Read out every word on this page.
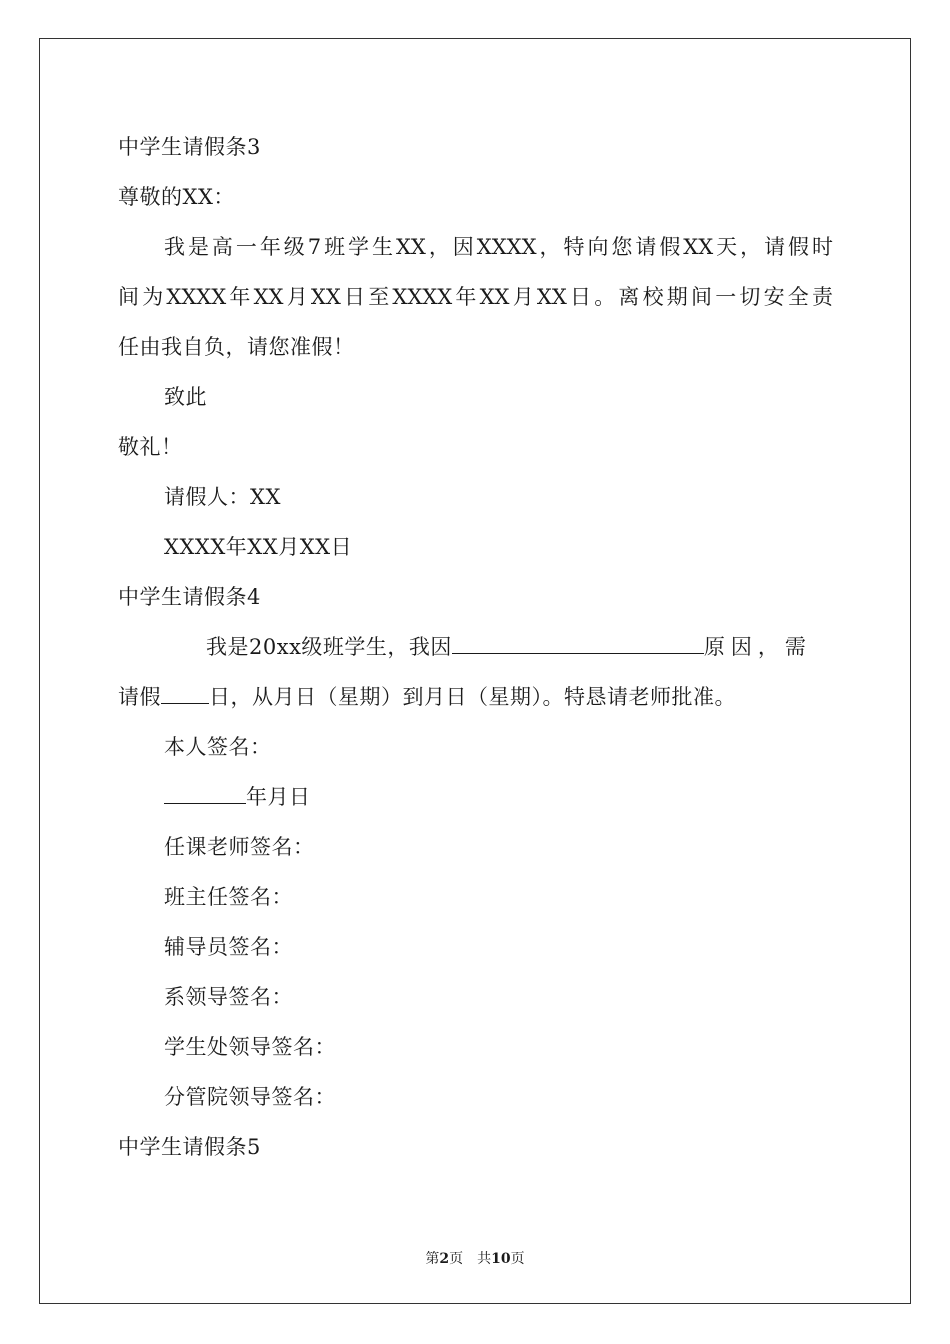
中学生请假条3
尊敬的XX：
我是高一年级7班学生XX，因XXXX，特向您请假XX天，请假时
间为XXXX年XX月XX日至XXXX年XX月XX日。离校期间一切安全责
任由我自负，请您准假！
致此
敬礼！
请假人：XX
XXXX年XX月XX日
中学生请假条4
我是20xx级班学生，我因	原因，需
请假 日，从月日（星期）到月日（星期）。特恳请老师批准。
本人签名：
年月日
任课老师签名：
班主任签名：
辅导员签名：
系领导签名：
学生处领导签名：
分管院领导签名：
中学生请假条5
第2页 共10页
